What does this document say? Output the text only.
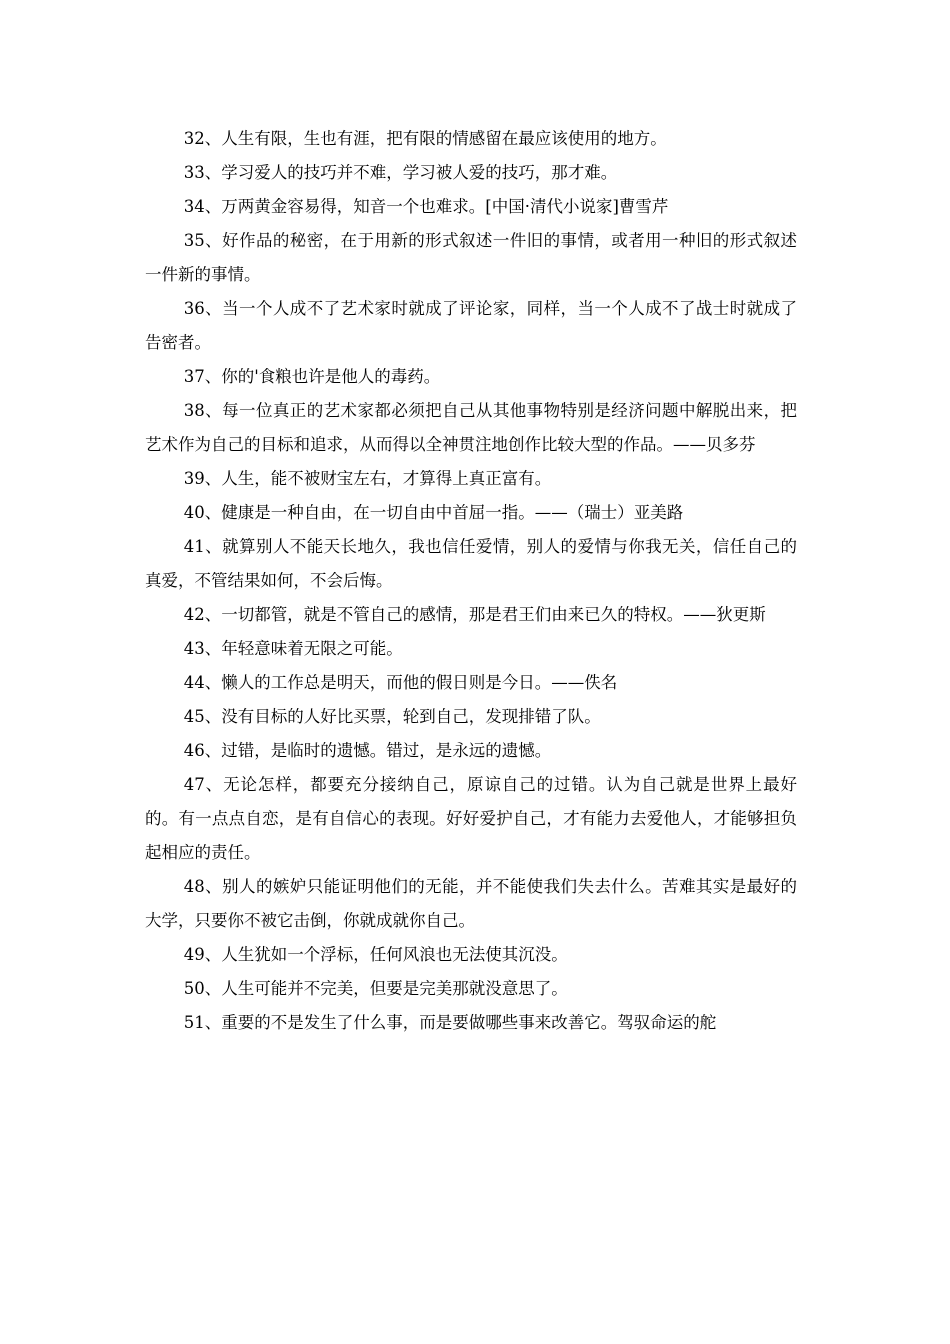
32、人生有限，生也有涯，把有限的情感留在最应该使用的地方。

33、学习爱人的技巧并不难，学习被人爱的技巧，那才难。

34、万两黄金容易得，知音一个也难求。[中国·清代小说家]曹雪芹

35、好作品的秘密，在于用新的形式叙述一件旧的事情，或者用一种旧的形式叙述一件新的事情。

36、当一个人成不了艺术家时就成了评论家，同样，当一个人成不了战士时就成了告密者。

37、你的'食粮也许是他人的毒药。

38、每一位真正的艺术家都必须把自己从其他事物特别是经济问题中解脱出来，把艺术作为自己的目标和追求，从而得以全神贯注地创作比较大型的作品。——贝多芬

39、人生，能不被财宝左右，才算得上真正富有。

40、健康是一种自由，在一切自由中首屈一指。——（瑞士）亚美路

41、就算别人不能天长地久，我也信任爱情，别人的爱情与你我无关，信任自己的真爱，不管结果如何，不会后悔。

42、一切都管，就是不管自己的感情，那是君王们由来已久的特权。——狄更斯

43、年轻意味着无限之可能。

44、懒人的工作总是明天，而他的假日则是今日。——佚名

45、没有目标的人好比买票，轮到自己，发现排错了队。

46、过错，是临时的遗憾。错过，是永远的遗憾。

47、无论怎样，都要充分接纳自己，原谅自己的过错。认为自己就是世界上最好的。有一点点自恋，是有自信心的表现。好好爱护自己，才有能力去爱他人，才能够担负起相应的责任。

48、别人的嫉妒只能证明他们的无能，并不能使我们失去什么。苦难其实是最好的大学，只要你不被它击倒，你就成就你自己。

49、人生犹如一个浮标，任何风浪也无法使其沉没。

50、人生可能并不完美，但要是完美那就没意思了。

51、重要的不是发生了什么事，而是要做哪些事来改善它。驾驭命运的舵
